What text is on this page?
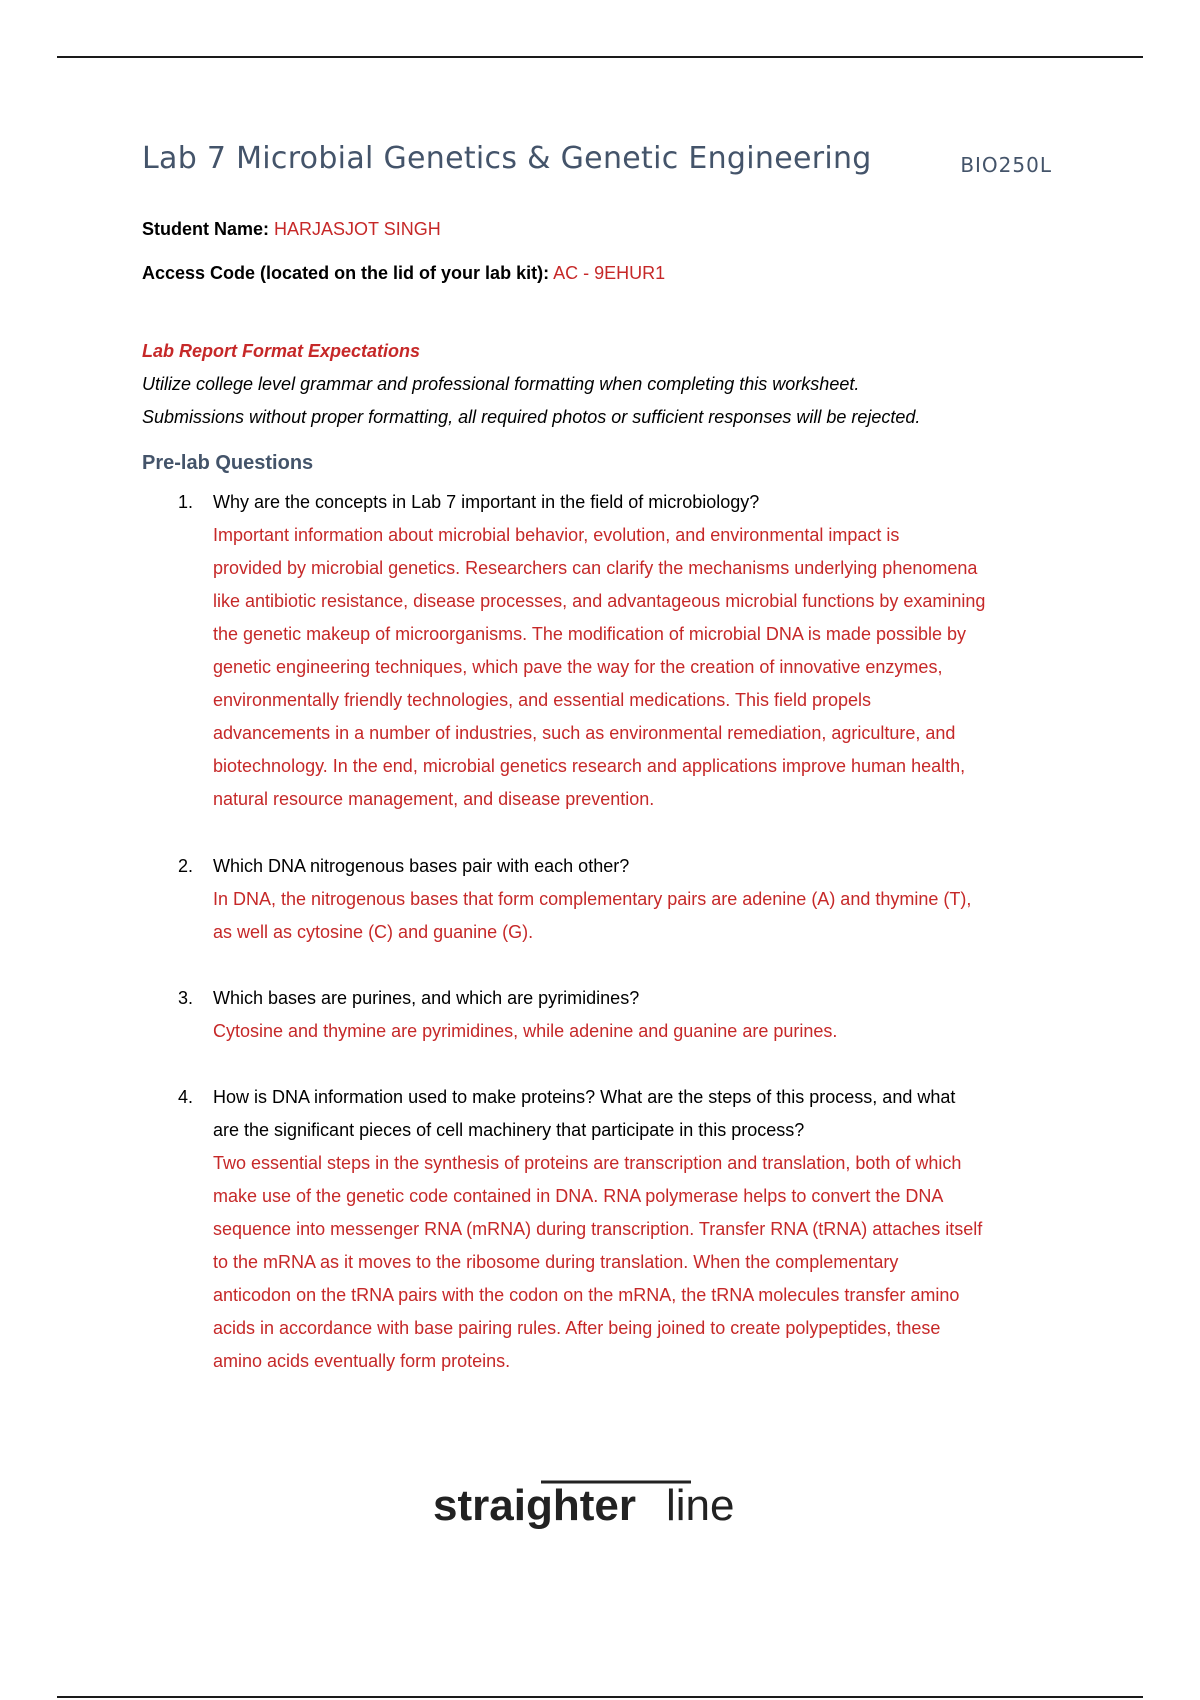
Lab 7 Microbial Genetics & Genetic Engineering	BIO250L
Student Name: HARJASJOT SINGH
Access Code (located on the lid of your lab kit): AC - 9EHUR1
Lab Report Format Expectations
Utilize college level grammar and professional formatting when completing this worksheet.
Submissions without proper formatting, all required photos or sufficient responses will be rejected.
Pre-lab Questions
1. Why are the concepts in Lab 7 important in the field of microbiology?
Important information about microbial behavior, evolution, and environmental impact is
provided by microbial genetics. Researchers can clarify the mechanisms underlying phenomena
like antibiotic resistance, disease processes, and advantageous microbial functions by examining
the genetic makeup of microorganisms. The modification of microbial DNA is made possible by
genetic engineering techniques, which pave the way for the creation of innovative enzymes,
environmentally friendly technologies, and essential medications. This field propels
advancements in a number of industries, such as environmental remediation, agriculture, and
biotechnology. In the end, microbial genetics research and applications improve human health,
natural resource management, and disease prevention.
2. Which DNA nitrogenous bases pair with each other?
In DNA, the nitrogenous bases that form complementary pairs are adenine (A) and thymine (T),
as well as cytosine (C) and guanine (G).
3. Which bases are purines, and which are pyrimidines?
Cytosine and thymine are pyrimidines, while adenine and guanine are purines.
4. How is DNA information used to make proteins? What are the steps of this process, and what
are the significant pieces of cell machinery that participate in this process?
Two essential steps in the synthesis of proteins are transcription and translation, both of which
make use of the genetic code contained in DNA. RNA polymerase helps to convert the DNA
sequence into messenger RNA (mRNA) during transcription. Transfer RNA (tRNA) attaches itself
to the mRNA as it moves to the ribosome during translation. When the complementary
anticodon on the tRNA pairs with the codon on the mRNA, the tRNA molecules transfer amino
acids in accordance with base pairing rules. After being joined to create polypeptides, these
amino acids eventually form proteins.
straighter line
